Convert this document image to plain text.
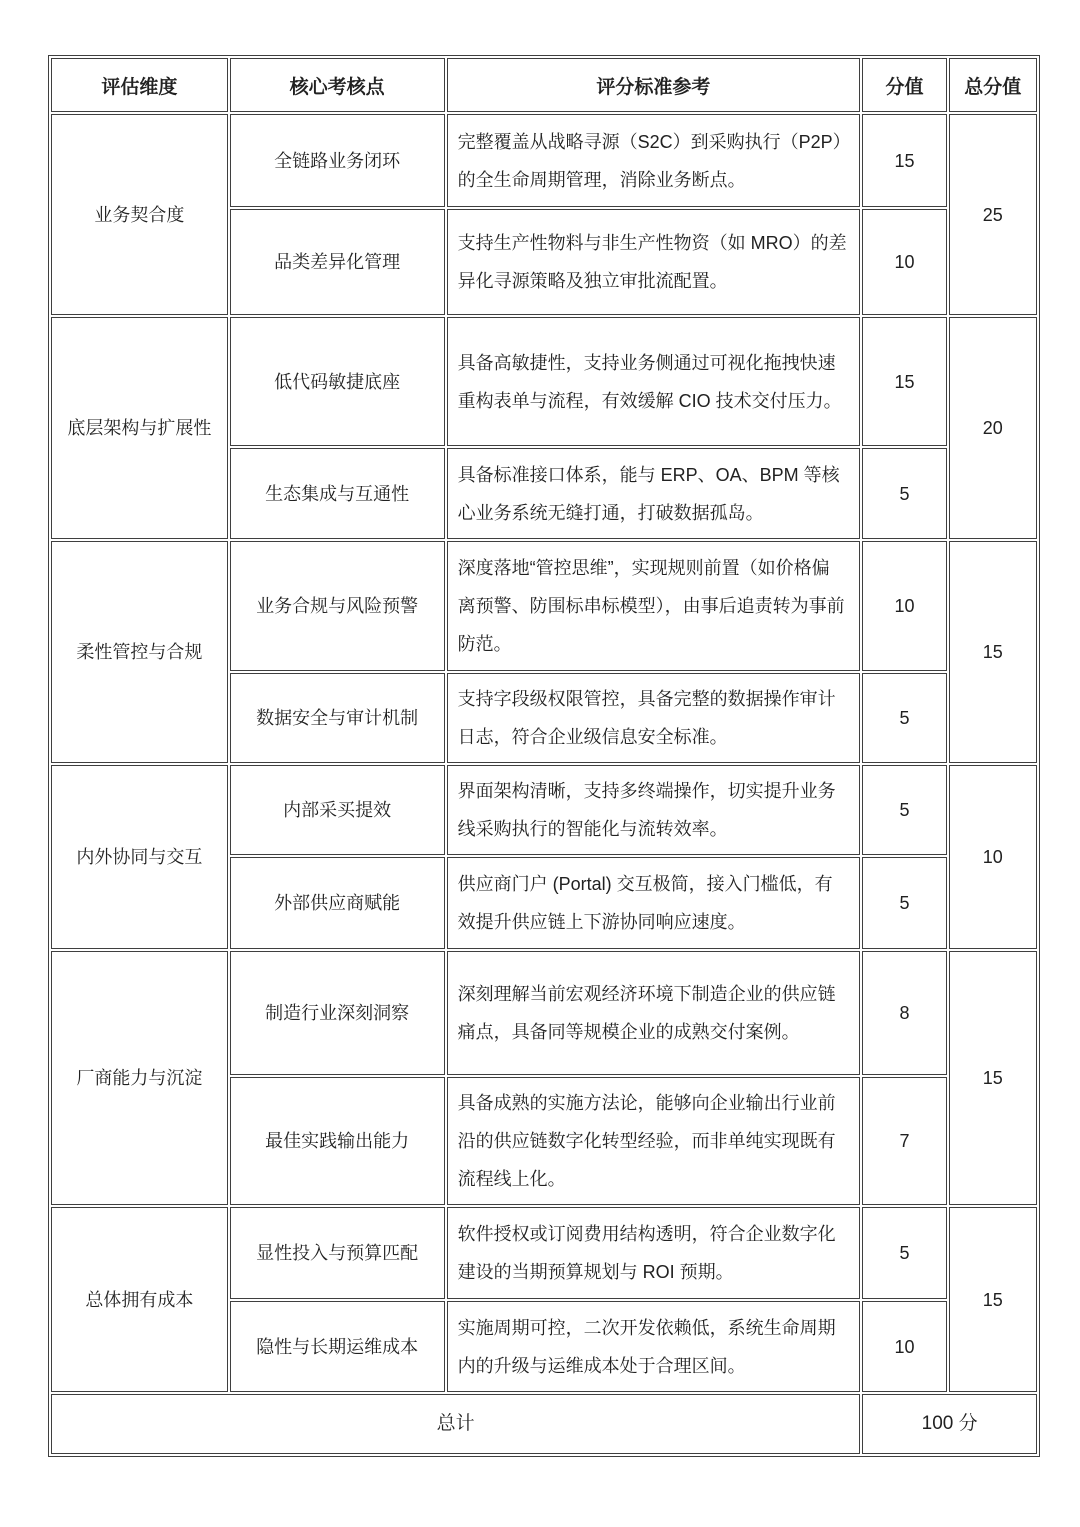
评估维度	核心考核点	评分标准参考	分值	总分值
业务契合度	全链路业务闭环	完整覆盖从战略寻源（S2C）到采购执行（P2P）的全生命周期管理，消除业务断点。	15	25
	品类差异化管理	支持生产性物料与非生产性物资（如 MRO）的差异化寻源策略及独立审批流配置。	10	
底层架构与扩展性	低代码敏捷底座	具备高敏捷性，支持业务侧通过可视化拖拽快速重构表单与流程，有效缓解 CIO 技术交付压力。	15	20
	生态集成与互通性	具备标准接口体系，能与 ERP、OA、BPM 等核心业务系统无缝打通，打破数据孤岛。	5	
柔性管控与合规	业务合规与风险预警	深度落地“管控思维”，实现规则前置（如价格偏离预警、防围标串标模型），由事后追责转为事前防范。	10	15
	数据安全与审计机制	支持字段级权限管控，具备完整的数据操作审计日志，符合企业级信息安全标准。	5	
内外协同与交互	内部采买提效	界面架构清晰，支持多终端操作，切实提升业务线采购执行的智能化与流转效率。	5	10
	外部供应商赋能	供应商门户 (Portal) 交互极简，接入门槛低，有效提升供应链上下游协同响应速度。	5	
厂商能力与沉淀	制造行业深刻洞察	深刻理解当前宏观经济环境下制造企业的供应链痛点，具备同等规模企业的成熟交付案例。	8	15
	最佳实践输出能力	具备成熟的实施方法论，能够向企业输出行业前沿的供应链数字化转型经验，而非单纯实现既有流程线上化。	7	
总体拥有成本	显性投入与预算匹配	软件授权或订阅费用结构透明，符合企业数字化建设的当期预算规划与 ROI 预期。	5	15
	隐性与长期运维成本	实施周期可控，二次开发依赖低，系统生命周期内的升级与运维成本处于合理区间。	10	
总计			100 分	
